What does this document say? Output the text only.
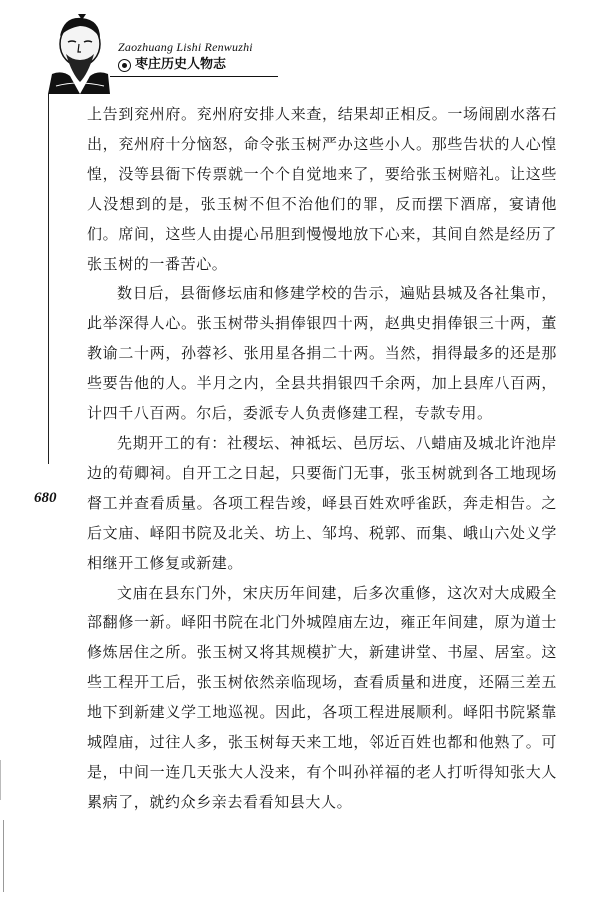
Zaozhuang Lishi Renwuzhi
枣庄历史人物志
680

上告到兖州府。兖州府安排人来查，结果却正相反。一场闹剧水落石出，兖州府十分恼怒，命令张玉树严办这些小人。那些告状的人心惶惶，没等县衙下传票就一个个自觉地来了，要给张玉树赔礼。让这些人没想到的是，张玉树不但不治他们的罪，反而摆下酒席，宴请他们。席间，这些人由提心吊胆到慢慢地放下心来，其间自然是经历了张玉树的一番苦心。

数日后，县衙修坛庙和修建学校的告示，遍贴县城及各社集市，此举深得人心。张玉树带头捐俸银四十两，赵典史捐俸银三十两，董教谕二十两，孙蓉衫、张用星各捐二十两。当然，捐得最多的还是那些要告他的人。半月之内，全县共捐银四千余两，加上县库八百两，计四千八百两。尔后，委派专人负责修建工程，专款专用。

先期开工的有：社稷坛、神祗坛、邑厉坛、八蜡庙及城北许池岸边的荀卿祠。自开工之日起，只要衙门无事，张玉树就到各工地现场督工并查看质量。各项工程告竣，峄县百姓欢呼雀跃，奔走相告。之后文庙、峄阳书院及北关、坊上、邹坞、税郭、而集、峨山六处义学相继开工修复或新建。

文庙在县东门外，宋庆历年间建，后多次重修，这次对大成殿全部翻修一新。峄阳书院在北门外城隍庙左边，雍正年间建，原为道士修炼居住之所。张玉树又将其规模扩大，新建讲堂、书屋、居室。这些工程开工后，张玉树依然亲临现场，查看质量和进度，还隔三差五地下到新建义学工地巡视。因此，各项工程进展顺利。峄阳书院紧靠城隍庙，过往人多，张玉树每天来工地，邻近百姓也都和他熟了。可是，中间一连几天张大人没来，有个叫孙祥福的老人打听得知张大人累病了，就约众乡亲去看看知县大人。
